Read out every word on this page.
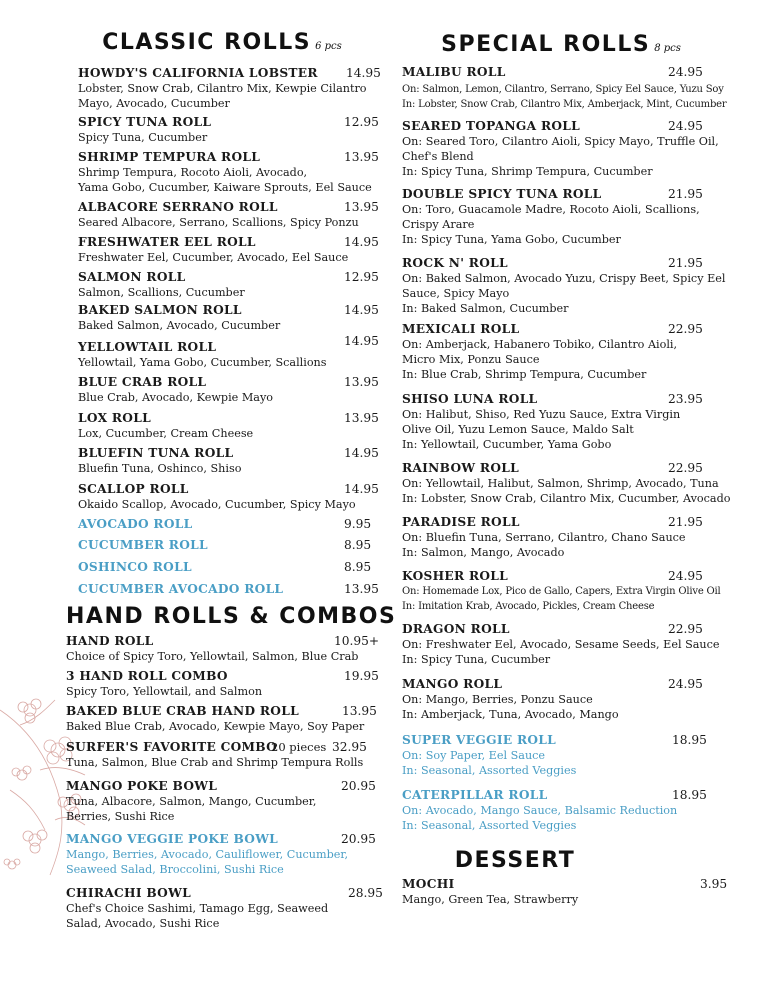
CLASSIC ROLLS 6 pcs
HOWDY'S CALIFORNIA LOBSTER 14.95
Lobster, Snow Crab, Cilantro Mix, Kewpie Cilantro
Mayo, Avocado, Cucumber
SPICY TUNA ROLL	12.95
Spicy Tuna, Cucumber
SHRIMP TEMPURA ROLL	13.95
Shrimp Tempura, Rocoto Aioli, Avocado,
Yama Gobo, Cucumber, Kaiware Sprouts, Eel Sauce
ALBACORE SERRANO ROLL	13.95
Seared Albacore, Serrano, Scallions, Spicy Ponzu
FRESHWATER EEL ROLL	14.95
Freshwater Eel, Cucumber, Avocado, Eel Sauce
SALMON ROLL	12.95
Salmon, Scallions, Cucumber
BAKED SALMON ROLL	14.95
Baked Salmon, Avocado, Cucumber
YELLOWTAIL ROLL	14.95
Yellowtail, Yama Gobo, Cucumber, Scallions
BLUE CRAB ROLL	13.95
Blue Crab, Avocado, Kewpie Mayo
LOX ROLL	13.95
Lox, Cucumber, Cream Cheese
BLUEFIN TUNA ROLL	14.95
Bluefin Tuna, Oshinco, Shiso
SCALLOP ROLL	14.95
Okaido Scallop, Avocado, Cucumber, Spicy Mayo
AVOCADO ROLL	9.95
CUCUMBER ROLL	8.95
OSHINCO ROLL	8.95
CUCUMBER AVOCADO ROLL	13.95
HAND ROLLS & COMBOS
HAND ROLL	10.95+
Choice of Spicy Toro, Yellowtail, Salmon, Blue Crab
3 HAND ROLL COMBO	19.95
Spicy Toro, Yellowtail, and Salmon
BAKED BLUE CRAB HAND ROLL	13.95
Baked Blue Crab, Avocado, Kewpie Mayo, Soy Paper
SURFER'S FAVORITE COMBO
20 pieces 32.95
Tuna, Salmon, Blue Crab and Shrimp Tempura Rolls
MANGO POKE BOWL	20.95
Tuna, Albacore, Salmon, Mango, Cucumber,
Berries, Sushi Rice
MANGO VEGGIE POKE BOWL	20.95
Mango, Berries, Avocado, Cauliflower, Cucumber,
Seaweed Salad, Broccolini, Sushi Rice
CHIRACHI BOWL	28.95
Chef's Choice Sashimi, Tamago Egg, Seaweed
Salad, Avocado, Sushi Rice
SPECIAL ROLLS 8 pcs
MALIBU ROLL	24.95
On: Salmon, Lemon, Cilantro, Serrano, Spicy Eel Sauce, Yuzu Soy
In: Lobster, Snow Crab, Cilantro Mix, Amberjack, Mint, Cucumber
SEARED TOPANGA ROLL	24.95
On: Seared Toro, Cilantro Aioli, Spicy Mayo, Truffle Oil,
Chef's Blend
In: Spicy Tuna, Shrimp Tempura, Cucumber
DOUBLE SPICY TUNA ROLL	21.95
On: Toro, Guacamole Madre, Rocoto Aioli, Scallions,
Crispy Arare
In: Spicy Tuna, Yama Gobo, Cucumber
ROCK N' ROLL	21.95
On: Baked Salmon, Avocado Yuzu, Crispy Beet, Spicy Eel
Sauce, Spicy Mayo
In: Baked Salmon, Cucumber
MEXICALI ROLL	22.95
On: Amberjack, Habanero Tobiko, Cilantro Aioli,
Micro Mix, Ponzu Sauce
In: Blue Crab, Shrimp Tempura, Cucumber
SHISO LUNA ROLL	23.95
On: Halibut, Shiso, Red Yuzu Sauce, Extra Virgin
Olive Oil, Yuzu Lemon Sauce, Maldo Salt
In: Yellowtail, Cucumber, Yama Gobo
RAINBOW ROLL	22.95
On: Yellowtail, Halibut, Salmon, Shrimp, Avocado, Tuna
In: Lobster, Snow Crab, Cilantro Mix, Cucumber, Avocado
PARADISE ROLL	21.95
On: Bluefin Tuna, Serrano, Cilantro, Chano Sauce
In: Salmon, Mango, Avocado
KOSHER ROLL	24.95
On: Homemade Lox, Pico de Gallo, Capers, Extra Virgin Olive Oil
In: Imitation Krab, Avocado, Pickles, Cream Cheese
DRAGON ROLL	22.95
On: Freshwater Eel, Avocado, Sesame Seeds, Eel Sauce
In: Spicy Tuna, Cucumber
MANGO ROLL	24.95
On: Mango, Berries, Ponzu Sauce
In: Amberjack, Tuna, Avocado, Mango
SUPER VEGGIE ROLL	18.95
On: Soy Paper, Eel Sauce
In: Seasonal, Assorted Veggies
CATERPILLAR ROLL	18.95
On: Avocado, Mango Sauce, Balsamic Reduction
In: Seasonal, Assorted Veggies
DESSERT
MOCHI	3.95
Mango, Green Tea, Strawberry
